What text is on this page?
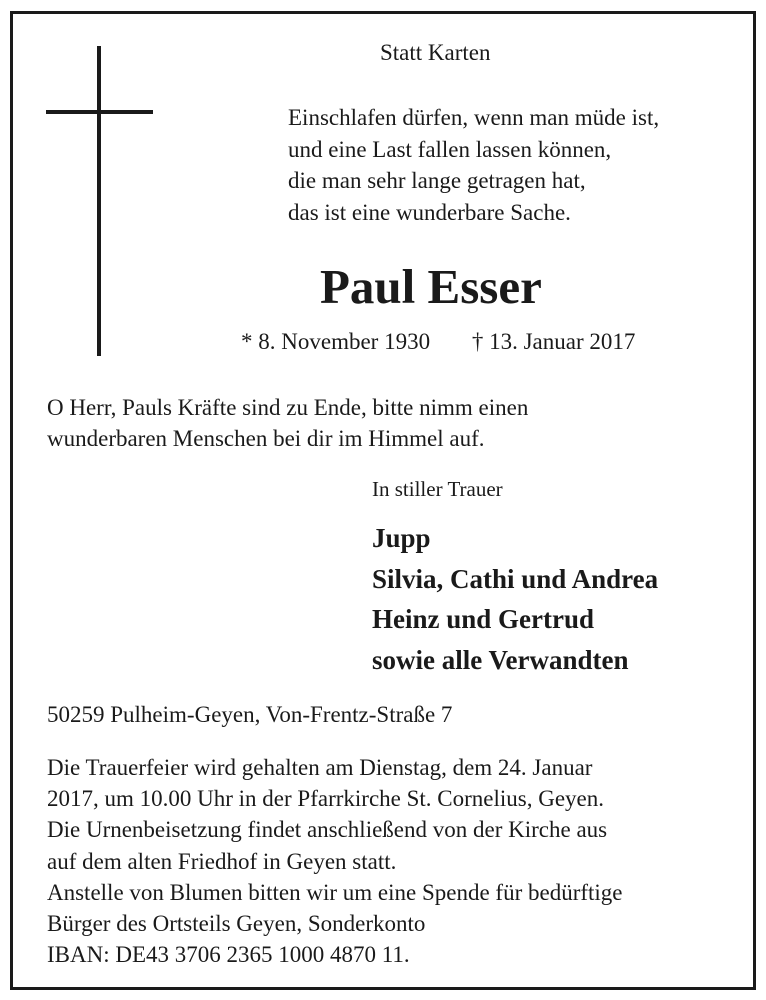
Statt Karten
Einschlafen dürfen, wenn man müde ist,
und eine Last fallen lassen können,
die man sehr lange getragen hat,
das ist eine wunderbare Sache.
Paul Esser
* 8. November 1930 † 13. Januar 2017
O Herr, Pauls Kräfte sind zu Ende, bitte nimm einen
wunderbaren Menschen bei dir im Himmel auf.
In stiller Trauer
Jupp
Silvia, Cathi und Andrea
Heinz und Gertrud
sowie alle Verwandten
50259 Pulheim-Geyen, Von-Frentz-Straße 7
Die Trauerfeier wird gehalten am Dienstag, dem 24. Januar
2017, um 10.00 Uhr in der Pfarrkirche St. Cornelius, Geyen.
Die Urnenbeisetzung findet anschließend von der Kirche aus
auf dem alten Friedhof in Geyen statt.
Anstelle von Blumen bitten wir um eine Spende für bedürftige
Bürger des Ortsteils Geyen, Sonderkonto
IBAN: DE43 3706 2365 1000 4870 11.
